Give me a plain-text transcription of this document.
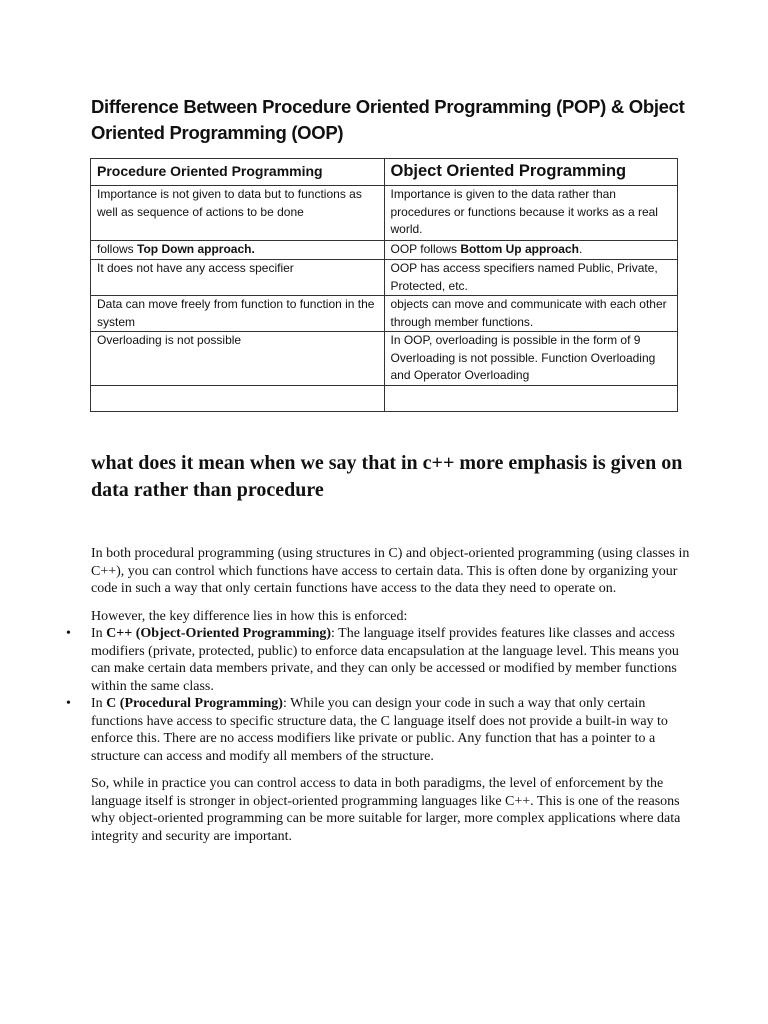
Difference Between Procedure Oriented Programming (POP) & Object Oriented Programming (OOP)
Procedure Oriented Programming	Object Oriented Programming
Importance is not given to data but to functions as well as sequence of actions to be done	Importance is given to the data rather than procedures or functions because it works as a real world.
follows Top Down approach.	OOP follows Bottom Up approach.
It does not have any access specifier	OOP has access specifiers named Public, Private, Protected, etc.
Data can move freely from function to function in the system	objects can move and communicate with each other through member functions.
Overloading is not possible	In OOP, overloading is possible in the form of 9 Overloading is not possible. Function Overloading and Operator Overloading

what does it mean when we say that in c++ more emphasis is given on data rather than procedure

In both procedural programming (using structures in C) and object-oriented programming (using classes in C++), you can control which functions have access to certain data. This is often done by organizing your code in such a way that only certain functions have access to the data they need to operate on.

However, the key difference lies in how this is enforced:

• In C++ (Object-Oriented Programming): The language itself provides features like classes and access modifiers (private, protected, public) to enforce data encapsulation at the language level. This means you can make certain data members private, and they can only be accessed or modified by member functions within the same class.
• In C (Procedural Programming): While you can design your code in such a way that only certain functions have access to specific structure data, the C language itself does not provide a built-in way to enforce this. There are no access modifiers like private or public. Any function that has a pointer to a structure can access and modify all members of the structure.

So, while in practice you can control access to data in both paradigms, the level of enforcement by the language itself is stronger in object-oriented programming languages like C++. This is one of the reasons why object-oriented programming can be more suitable for larger, more complex applications where data integrity and security are important.
